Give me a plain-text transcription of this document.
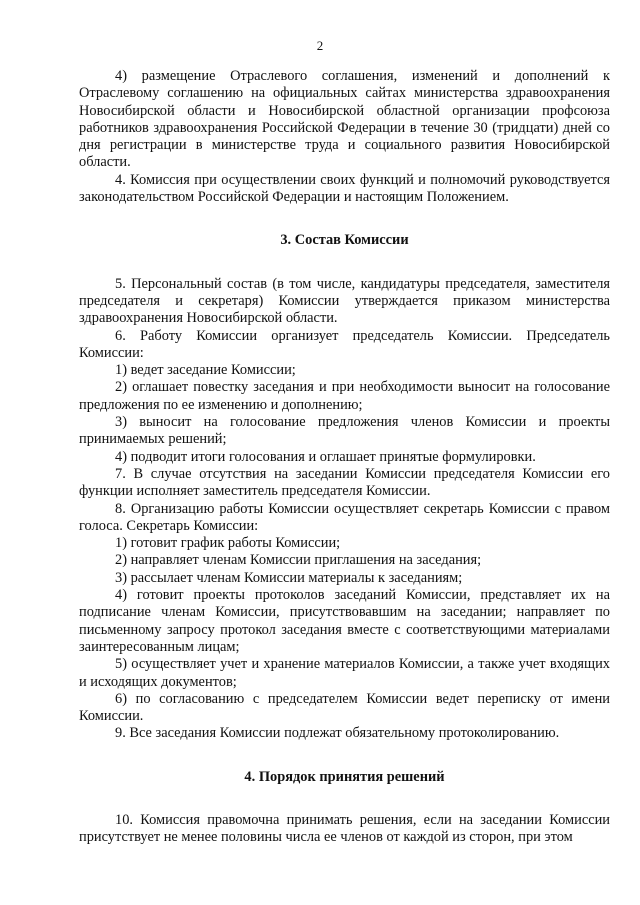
2

4) размещение Отраслевого соглашения, изменений и дополнений к Отраслевому соглашению на официальных сайтах министерства здравоохранения Новосибирской области и Новосибирской областной организации профсоюза работников здравоохранения Российской Федерации в течение 30 (тридцати) дней со дня регистрации в министерстве труда и социального развития Новосибирской области.

4. Комиссия при осуществлении своих функций и полномочий руководствуется законодательством Российской Федерации и настоящим Положением.

3. Состав Комиссии

5. Персональный состав (в том числе, кандидатуры председателя, заместителя председателя и секретаря) Комиссии утверждается приказом министерства здравоохранения Новосибирской области.

6. Работу Комиссии организует председатель Комиссии. Председатель Комиссии:

1) ведет заседание Комиссии;

2) оглашает повестку заседания и при необходимости выносит на голосование предложения по ее изменению и дополнению;

3) выносит на голосование предложения членов Комиссии и проекты принимаемых решений;

4) подводит итоги голосования и оглашает принятые формулировки.

7. В случае отсутствия на заседании Комиссии председателя Комиссии его функции исполняет заместитель председателя Комиссии.

8. Организацию работы Комиссии осуществляет секретарь Комиссии с правом голоса. Секретарь Комиссии:

1) готовит график работы Комиссии;

2) направляет членам Комиссии приглашения на заседания;

3) рассылает членам Комиссии материалы к заседаниям;

4) готовит проекты протоколов заседаний Комиссии, представляет их на подписание членам Комиссии, присутствовавшим на заседании; направляет по письменному запросу протокол заседания вместе с соответствующими материалами заинтересованным лицам;

5) осуществляет учет и хранение материалов Комиссии, а также учет входящих и исходящих документов;

6) по согласованию с председателем Комиссии ведет переписку от имени Комиссии.

9. Все заседания Комиссии подлежат обязательному протоколированию.

4. Порядок принятия решений

10. Комиссия правомочна принимать решения, если на заседании Комиссии присутствует не менее половины числа ее членов от каждой из сторон, при этом
